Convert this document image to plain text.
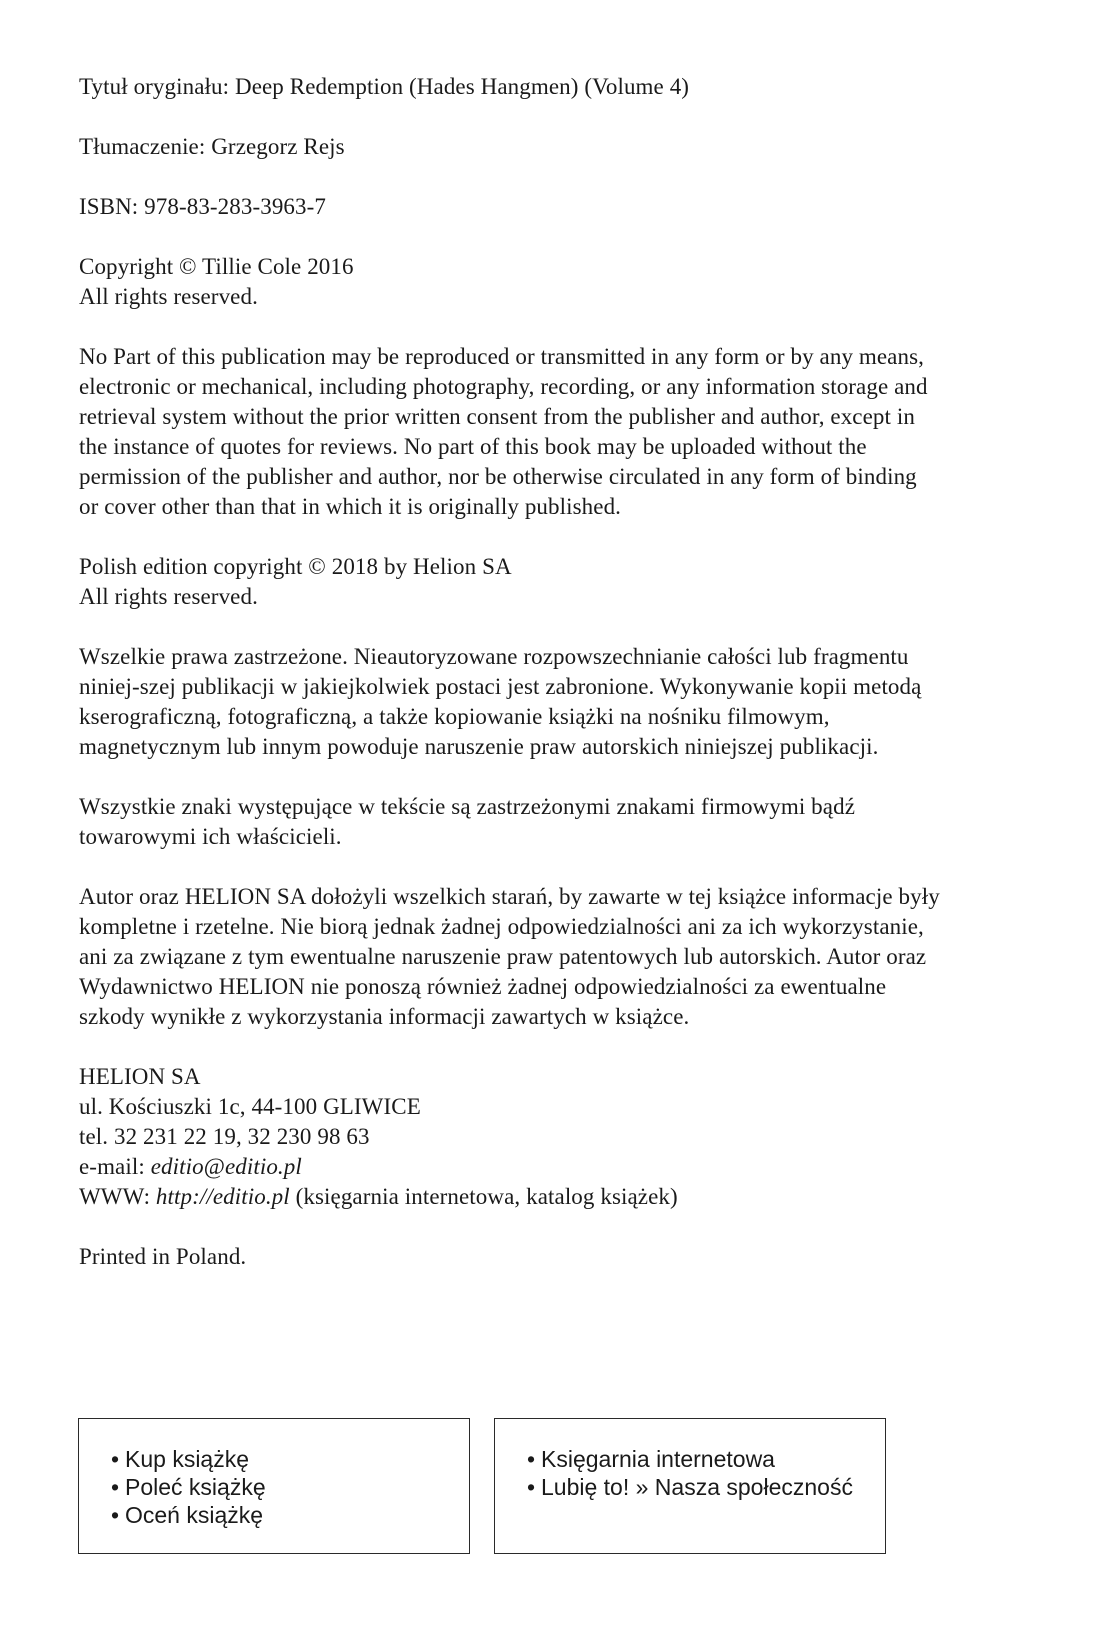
Tytuł oryginału: Deep Redemption (Hades Hangmen) (Volume 4)
Tłumaczenie: Grzegorz Rejs
ISBN: 978-83-283-3963-7
Copyright © Tillie Cole 2016
All rights reserved.
No Part of this publication may be reproduced or transmitted in any form or by any means,
electronic or mechanical, including photography, recording, or any information storage and
retrieval system without the prior written consent from the publisher and author, except in
the instance of quotes for reviews. No part of this book may be uploaded without the
permission of the publisher and author, nor be otherwise circulated in any form of binding
or cover other than that in which it is originally published.
Polish edition copyright © 2018 by Helion SA
All rights reserved.
Wszelkie prawa zastrzeżone. Nieautoryzowane rozpowszechnianie całości lub fragmentu
niniej-szej publikacji w jakiejkolwiek postaci jest zabronione. Wykonywanie kopii metodą
kserograficzną, fotograficzną, a także kopiowanie książki na nośniku filmowym,
magnetycznym lub innym powoduje naruszenie praw autorskich niniejszej publikacji.
Wszystkie znaki występujące w tekście są zastrzeżonymi znakami firmowymi bądź
towarowymi ich właścicieli.
Autor oraz HELION SA dołożyli wszelkich starań, by zawarte w tej książce informacje były
kompletne i rzetelne. Nie biorą jednak żadnej odpowiedzialności ani za ich wykorzystanie,
ani za związane z tym ewentualne naruszenie praw patentowych lub autorskich. Autor oraz
Wydawnictwo HELION nie ponoszą również żadnej odpowiedzialności za ewentualne
szkody wynikłe z wykorzystania informacji zawartych w książce.
HELION SA
ul. Kościuszki 1c, 44-100 GLIWICE
tel. 32 231 22 19, 32 230 98 63
e-mail: editio@editio.pl
WWW: http://editio.pl (księgarnia internetowa, katalog książek)
Printed in Poland.
• Kup książkę
• Poleć książkę
• Oceń książkę
• Księgarnia internetowa
• Lubię to! » Nasza społeczność
